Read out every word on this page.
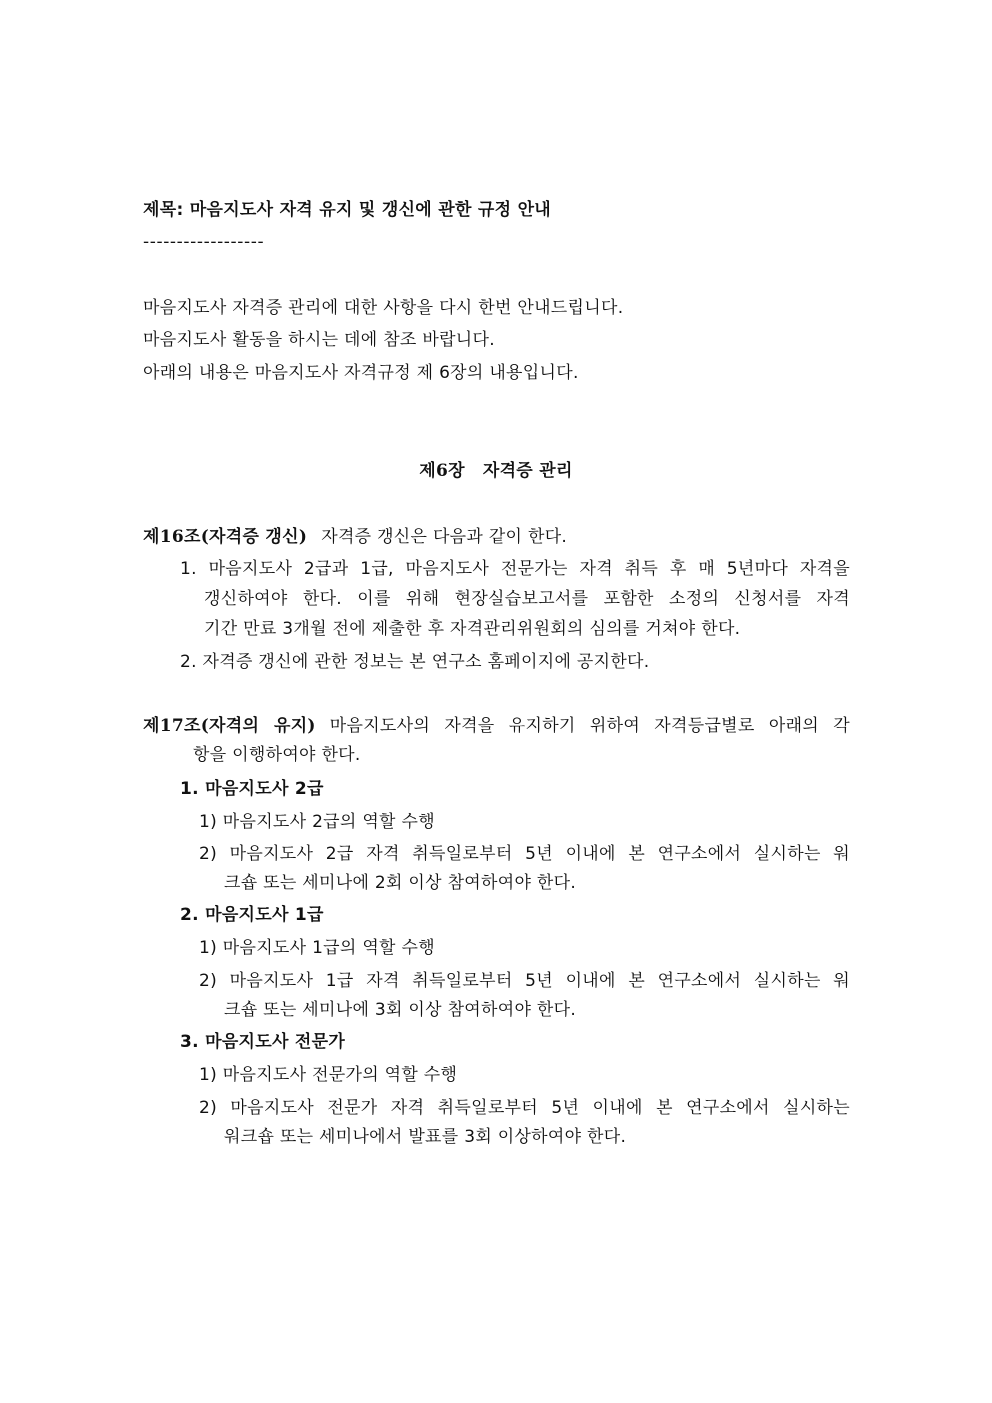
제목: 마음지도사 자격 유지 및 갱신에 관한 규정 안내
------------------
마음지도사 자격증 관리에 대한 사항을 다시 한번 안내드립니다.
마음지도사 활동을 하시는 데에 참조 바랍니다.
아래의 내용은 마음지도사 자격규정 제 6장의 내용입니다.
제6장 자격증 관리
제16조(자격증 갱신) 자격증 갱신은 다음과 같이 한다.
1. 마음지도사 2급과 1급, 마음지도사 전문가는 자격 취득 후 매 5년마다 자격을
갱신하여야 한다. 이를 위해 현장실습보고서를 포함한 소정의 신청서를 자격
기간 만료 3개월 전에 제출한 후 자격관리위원회의 심의를 거쳐야 한다.
2. 자격증 갱신에 관한 정보는 본 연구소 홈페이지에 공지한다.
제17조(자격의 유지) 마음지도사의 자격을 유지하기 위하여 자격등급별로 아래의 각
항을 이행하여야 한다.
1. 마음지도사 2급
1) 마음지도사 2급의 역할 수행
2) 마음지도사 2급 자격 취득일로부터 5년 이내에 본 연구소에서 실시하는 워
크숍 또는 세미나에 2회 이상 참여하여야 한다.
2. 마음지도사 1급
1) 마음지도사 1급의 역할 수행
2) 마음지도사 1급 자격 취득일로부터 5년 이내에 본 연구소에서 실시하는 워
크숍 또는 세미나에 3회 이상 참여하여야 한다.
3. 마음지도사 전문가
1) 마음지도사 전문가의 역할 수행
2) 마음지도사 전문가 자격 취득일로부터 5년 이내에 본 연구소에서 실시하는
워크숍 또는 세미나에서 발표를 3회 이상하여야 한다.
